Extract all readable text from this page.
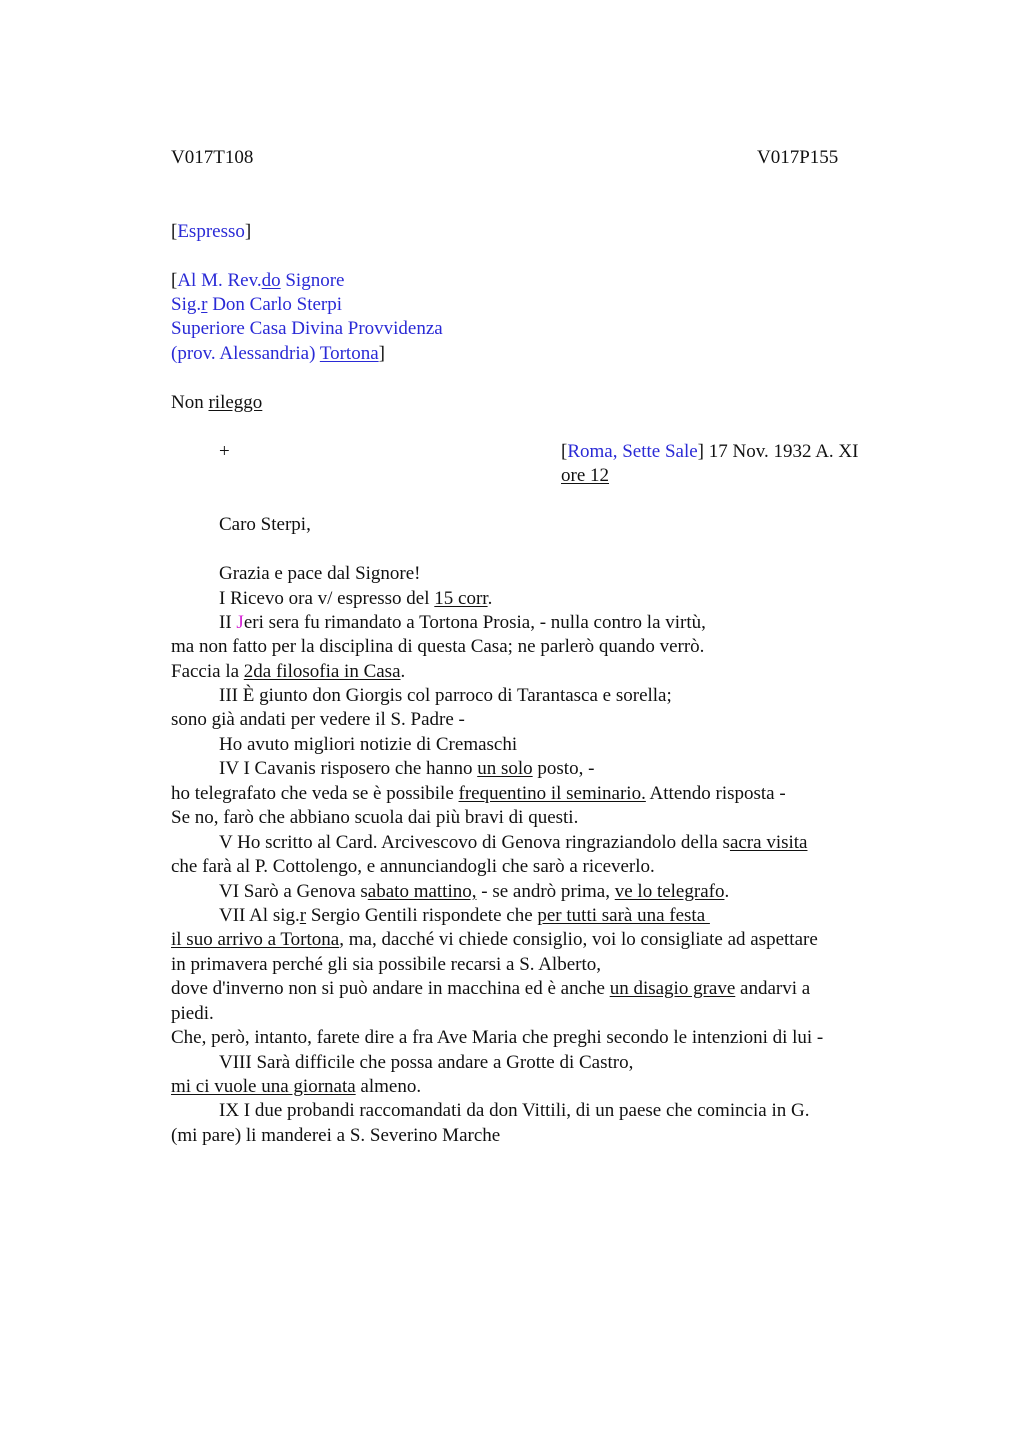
V017T108	V017P155
[Espresso]
[Al M. Rev.do Signore
Sig.r Don Carlo Sterpi
Superiore Casa Divina Provvidenza
(prov. Alessandria) Tortona]
Non rileggo
+	[Roma, Sette Sale] 17 Nov. 1932 A. XI
ore 12
Caro Sterpi,
Grazia e pace dal Signore!
I Ricevo ora v/ espresso del 15 corr.
II Jeri sera fu rimandato a Tortona Prosia, - nulla contro la virtù,
ma non fatto per la disciplina di questa Casa; ne parlerò quando verrò.
Faccia la 2da filosofia in Casa.
III È giunto don Giorgis col parroco di Tarantasca e sorella;
sono già andati per vedere il S. Padre -
Ho avuto migliori notizie di Cremaschi
IV I Cavanis risposero che hanno un solo posto, -
ho telegrafato che veda se è possibile frequentino il seminario. Attendo risposta -
Se no, farò che abbiano scuola dai più bravi di questi.
V Ho scritto al Card. Arcivescovo di Genova ringraziandolo della sacra visita
che farà al P. Cottolengo, e annunciandogli che sarò a riceverlo.
VI Sarò a Genova sabato mattino, - se andrò prima, ve lo telegrafo.
VII Al sig.r Sergio Gentili rispondete che per tutti sarà una festa
il suo arrivo a Tortona, ma, dacché vi chiede consiglio, voi lo consigliate ad aspettare
in primavera perché gli sia possibile recarsi a S. Alberto,
dove d'inverno non si può andare in macchina ed è anche un disagio grave andarvi a
piedi.
Che, però, intanto, farete dire a fra Ave Maria che preghi secondo le intenzioni di lui -
VIII Sarà difficile che possa andare a Grotte di Castro,
mi ci vuole una giornata almeno.
IX I due probandi raccomandati da don Vittili, di un paese che comincia in G.
(mi pare) li manderei a S. Severino Marche
